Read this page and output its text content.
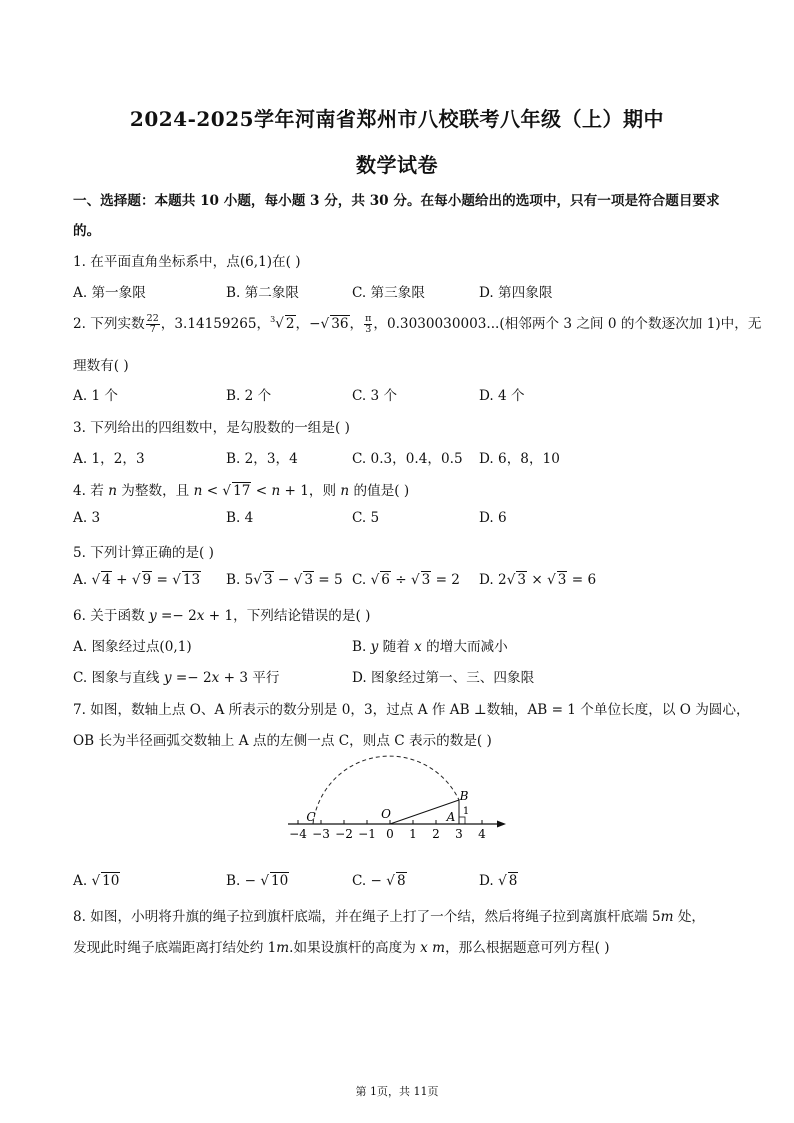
2024-2025学年河南省郑州市八校联考八年级（上）期中
数学试卷
一、选择题：本题共 10 小题，每小题 3 分，共 30 分。在每小题给出的选项中，只有一项是符合题目要求
的。
1. 在平面直角坐标系中，点(6,1)在( )
A. 第一象限	B. 第二象限	C. 第三象限	D. 第四象限
2. 下列实数 $\frac{22}{7}$ ，3.14159265，$^3$√ 2，−√ 36， $\frac{\pi}{3}$ ，0.3030030003...(相邻两个 3 之间 0 的个数逐次加 1)中，无
理数有( )
A. 1 个	B. 2 个	C. 3 个	D. 4 个
3. 下列给出的四组数中，是勾股数的一组是( )
A. 1，2，3	B. 2，3，4	C. 0.3，0.4，0.5 D. 6，8，10
4. 若 n 为整数，且 n < √ 17 < n + 1，则 n 的值是( )
A. 3	B. 4	C. 5	D. 6
5. 下列计算正确的是( )
A. √ 4 + √ 9 = √ 13 B. 5√ 3 − √ 3 = 5 C. √ 6 ÷ √ 3 = 2 D. 2√ 3 × √ 3 = 6
6. 关于函数 y =− 2x + 1，下列结论错误的是( )
A. 图象经过点(0,1)	B. y 随着 x 的增大而减小
C. 图象与直线 y =− 2x + 3 平行	D. 图象经过第一、三、四象限
7. 如图，数轴上点 O、A 所表示的数分别是 0，3，过点 A 作 AB ⊥数轴，AB = 1 个单位长度，以 O 为圆心，
OB 长为半径画弧交数轴上 A 点的左侧一点 C，则点 C 表示的数是( )
−4 −3 −2 −1 0 1 2 3 4
O	A
B
C	1
A. √ 10	B. − √ 10	C. − √ 8	D. √ 8
8. 如图，小明将升旗的绳子拉到旗杆底端，并在绳子上打了一个结，然后将绳子拉到离旗杆底端 5m 处，
发现此时绳子底端距离打结处约 1m.如果设旗杆的高度为 x m，那么根据题意可列方程( )
第 1页，共 11页
